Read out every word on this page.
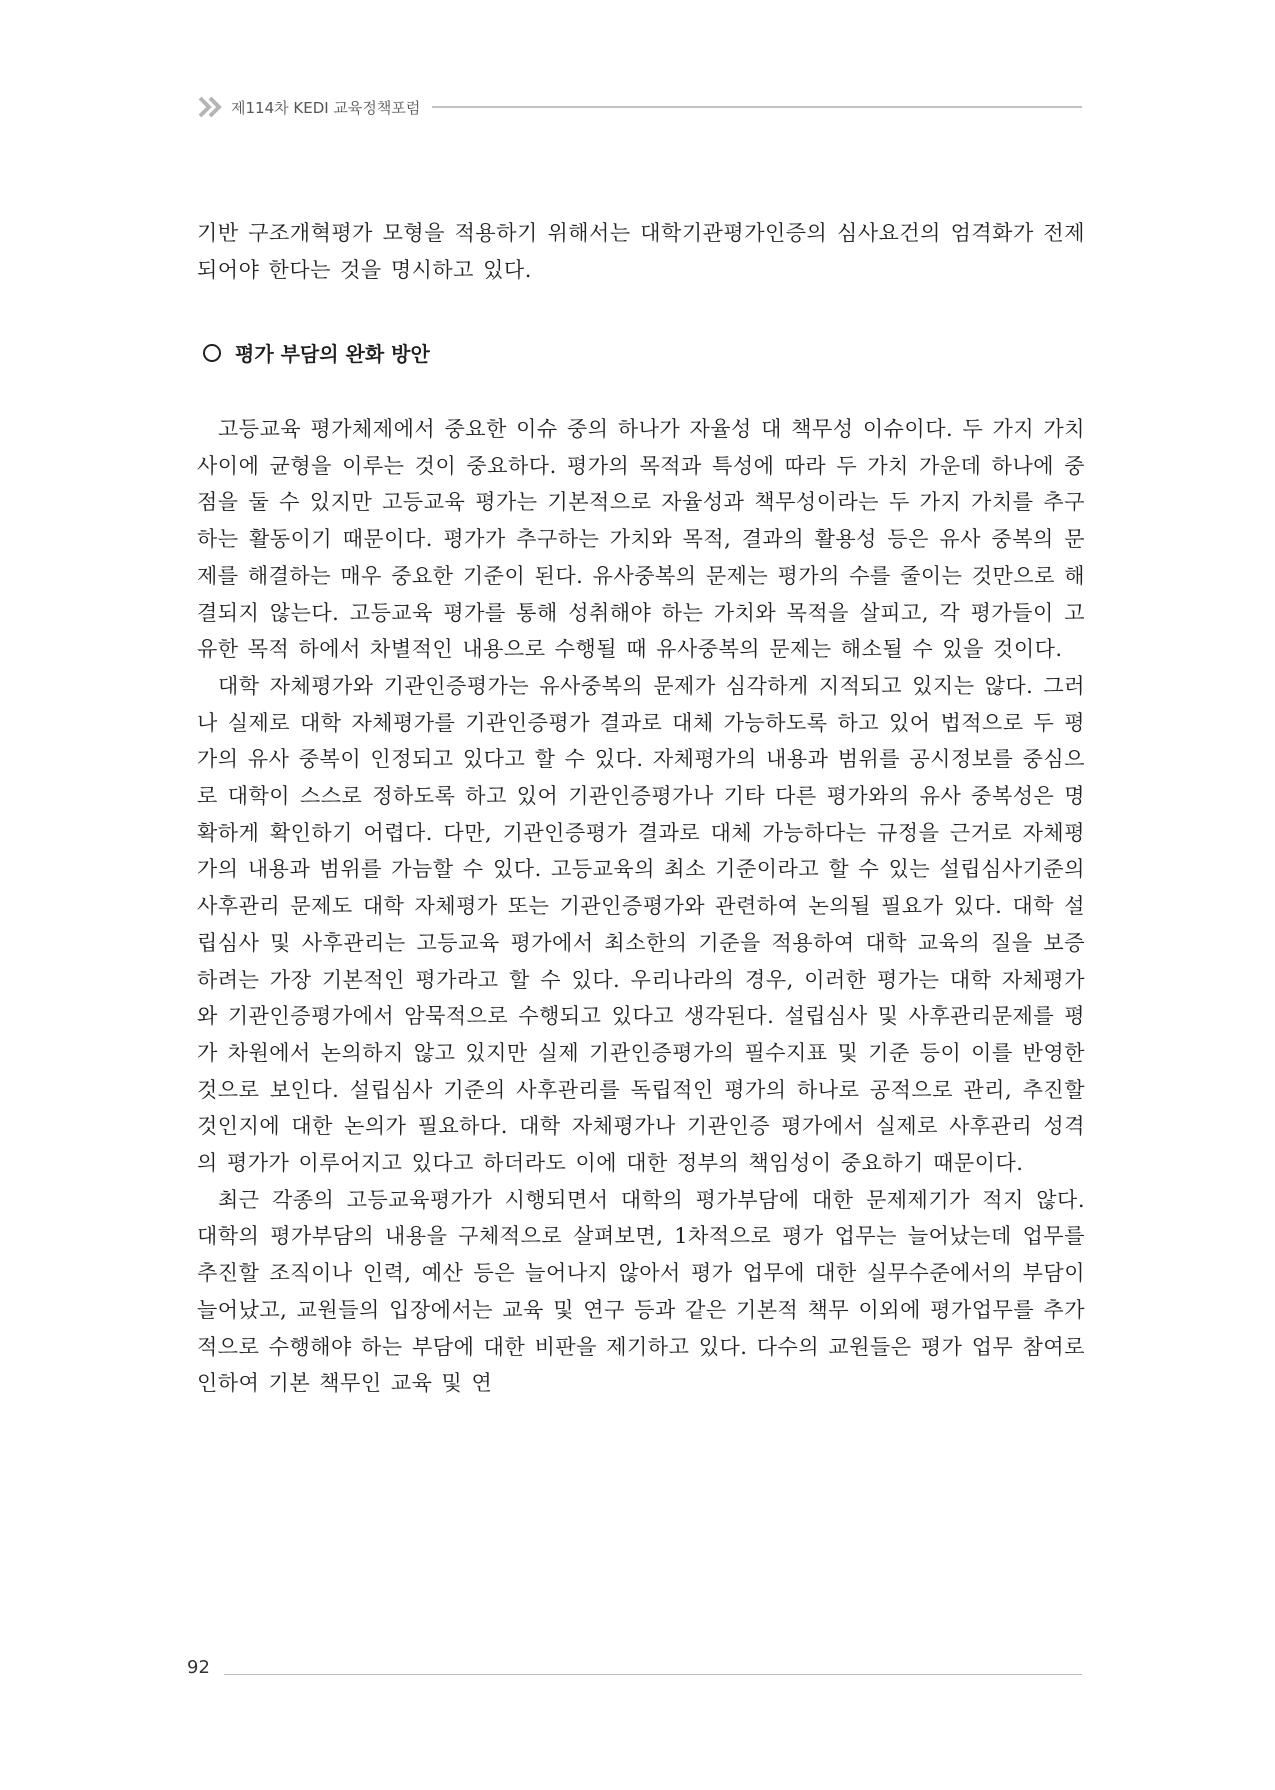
제114차 KEDI 교육정책포럼
기반 구조개혁평가 모형을 적용하기 위해서는 대학기관평가인증의 심사요건의 엄격화가 전제되어야 한다는 것을 명시하고 있다.
평가 부담의 완화 방안

고등교육 평가체제에서 중요한 이슈 중의 하나가 자율성 대 책무성 이슈이다. 두 가지 가치 사이에 균형을 이루는 것이 중요하다. 평가의 목적과 특성에 따라 두 가치 가운데 하나에 중점을 둘 수 있지만 고등교육 평가는 기본적으로 자율성과 책무성이라는 두 가지 가치를 추구하는 활동이기 때문이다. 평가가 추구하는 가치와 목적, 결과의 활용성 등은 유사 중복의 문제를 해결하는 매우 중요한 기준이 된다. 유사중복의 문제는 평가의 수를 줄이는 것만으로 해결되지 않는다. 고등교육 평가를 통해 성취해야 하는 가치와 목적을 살피고, 각 평가들이 고유한 목적 하에서 차별적인 내용으로 수행될 때 유사중복의 문제는 해소될 수 있을 것이다.

대학 자체평가와 기관인증평가는 유사중복의 문제가 심각하게 지적되고 있지는 않다. 그러나 실제로 대학 자체평가를 기관인증평가 결과로 대체 가능하도록 하고 있어 법적으로 두 평가의 유사 중복이 인정되고 있다고 할 수 있다. 자체평가의 내용과 범위를 공시정보를 중심으로 대학이 스스로 정하도록 하고 있어 기관인증평가나 기타 다른 평가와의 유사 중복성은 명확하게 확인하기 어렵다. 다만, 기관인증평가 결과로 대체 가능하다는 규정을 근거로 자체평가의 내용과 범위를 가늠할 수 있다. 고등교육의 최소 기준이라고 할 수 있는 설립심사기준의 사후관리 문제도 대학 자체평가 또는 기관인증평가와 관련하여 논의될 필요가 있다. 대학 설립심사 및 사후관리는 고등교육 평가에서 최소한의 기준을 적용하여 대학 교육의 질을 보증하려는 가장 기본적인 평가라고 할 수 있다. 우리나라의 경우, 이러한 평가는 대학 자체평가와 기관인증평가에서 암묵적으로 수행되고 있다고 생각된다. 설립심사 및 사후관리문제를 평가 차원에서 논의하지 않고 있지만 실제 기관인증평가의 필수지표 및 기준 등이 이를 반영한 것으로 보인다. 설립심사 기준의 사후관리를 독립적인 평가의 하나로 공적으로 관리, 추진할 것인지에 대한 논의가 필요하다. 대학 자체평가나 기관인증 평가에서 실제로 사후관리 성격의 평가가 이루어지고 있다고 하더라도 이에 대한 정부의 책임성이 중요하기 때문이다.

최근 각종의 고등교육평가가 시행되면서 대학의 평가부담에 대한 문제제기가 적지 않다. 대학의 평가부담의 내용을 구체적으로 살펴보면, 1차적으로 평가 업무는 늘어났는데 업무를 추진할 조직이나 인력, 예산 등은 늘어나지 않아서 평가 업무에 대한 실무수준에서의 부담이 늘어났고, 교원들의 입장에서는 교육 및 연구 등과 같은 기본적 책무 이외에 평가업무를 추가적으로 수행해야 하는 부담에 대한 비판을 제기하고 있다. 다수의 교원들은 평가 업무 참여로 인하여 기본 책무인 교육 및 연

92
